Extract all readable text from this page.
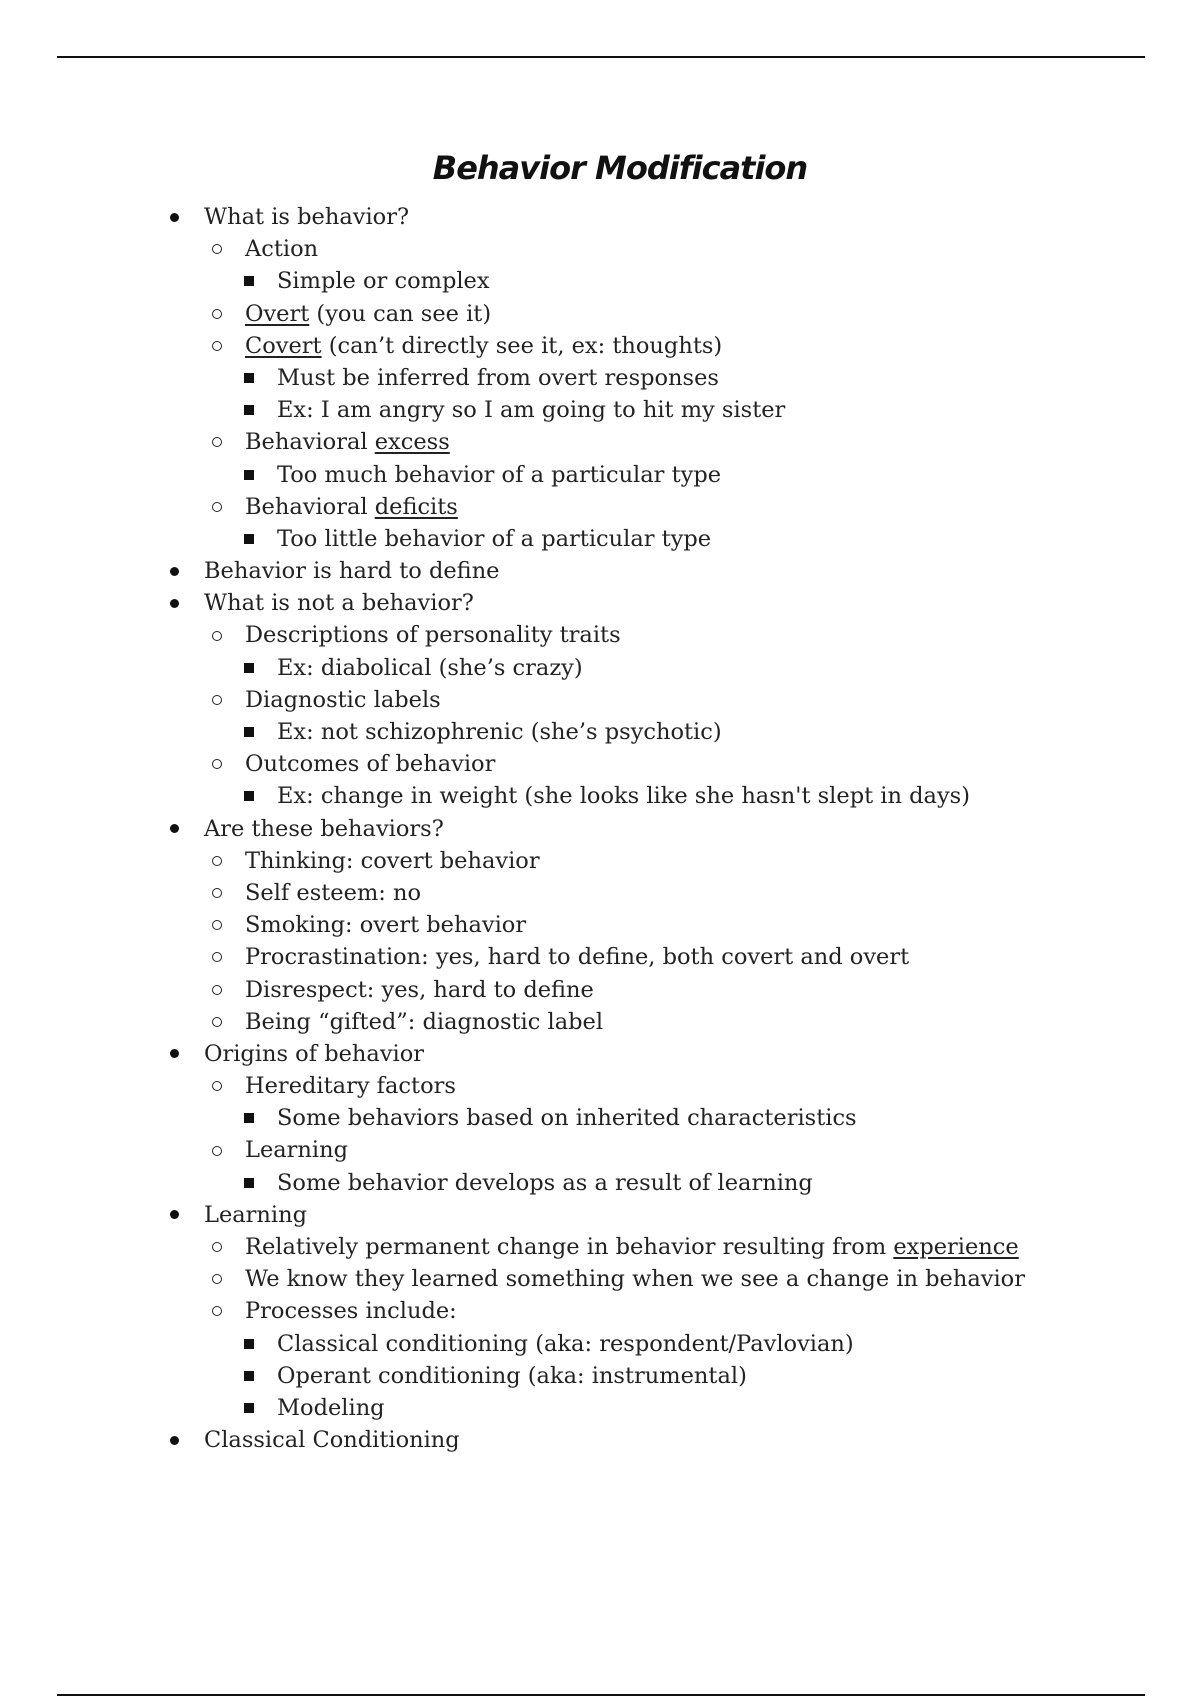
Behavior Modification
What is behavior?
Action
Simple or complex
Overt (you can see it)
Covert (can’t directly see it, ex: thoughts)
Must be inferred from overt responses
Ex: I am angry so I am going to hit my sister
Behavioral excess
Too much behavior of a particular type
Behavioral deficits
Too little behavior of a particular type
Behavior is hard to define
What is not a behavior?
Descriptions of personality traits
Ex: diabolical (she’s crazy)
Diagnostic labels
Ex: not schizophrenic (she’s psychotic)
Outcomes of behavior
Ex: change in weight (she looks like she hasn't slept in days)
Are these behaviors?
Thinking: covert behavior
Self esteem: no
Smoking: overt behavior
Procrastination: yes, hard to define, both covert and overt
Disrespect: yes, hard to define
Being “gifted”: diagnostic label
Origins of behavior
Hereditary factors
Some behaviors based on inherited characteristics
Learning
Some behavior develops as a result of learning
Learning
Relatively permanent change in behavior resulting from experience
We know they learned something when we see a change in behavior
Processes include:
Classical conditioning (aka: respondent/Pavlovian)
Operant conditioning (aka: instrumental)
Modeling
Classical Conditioning
